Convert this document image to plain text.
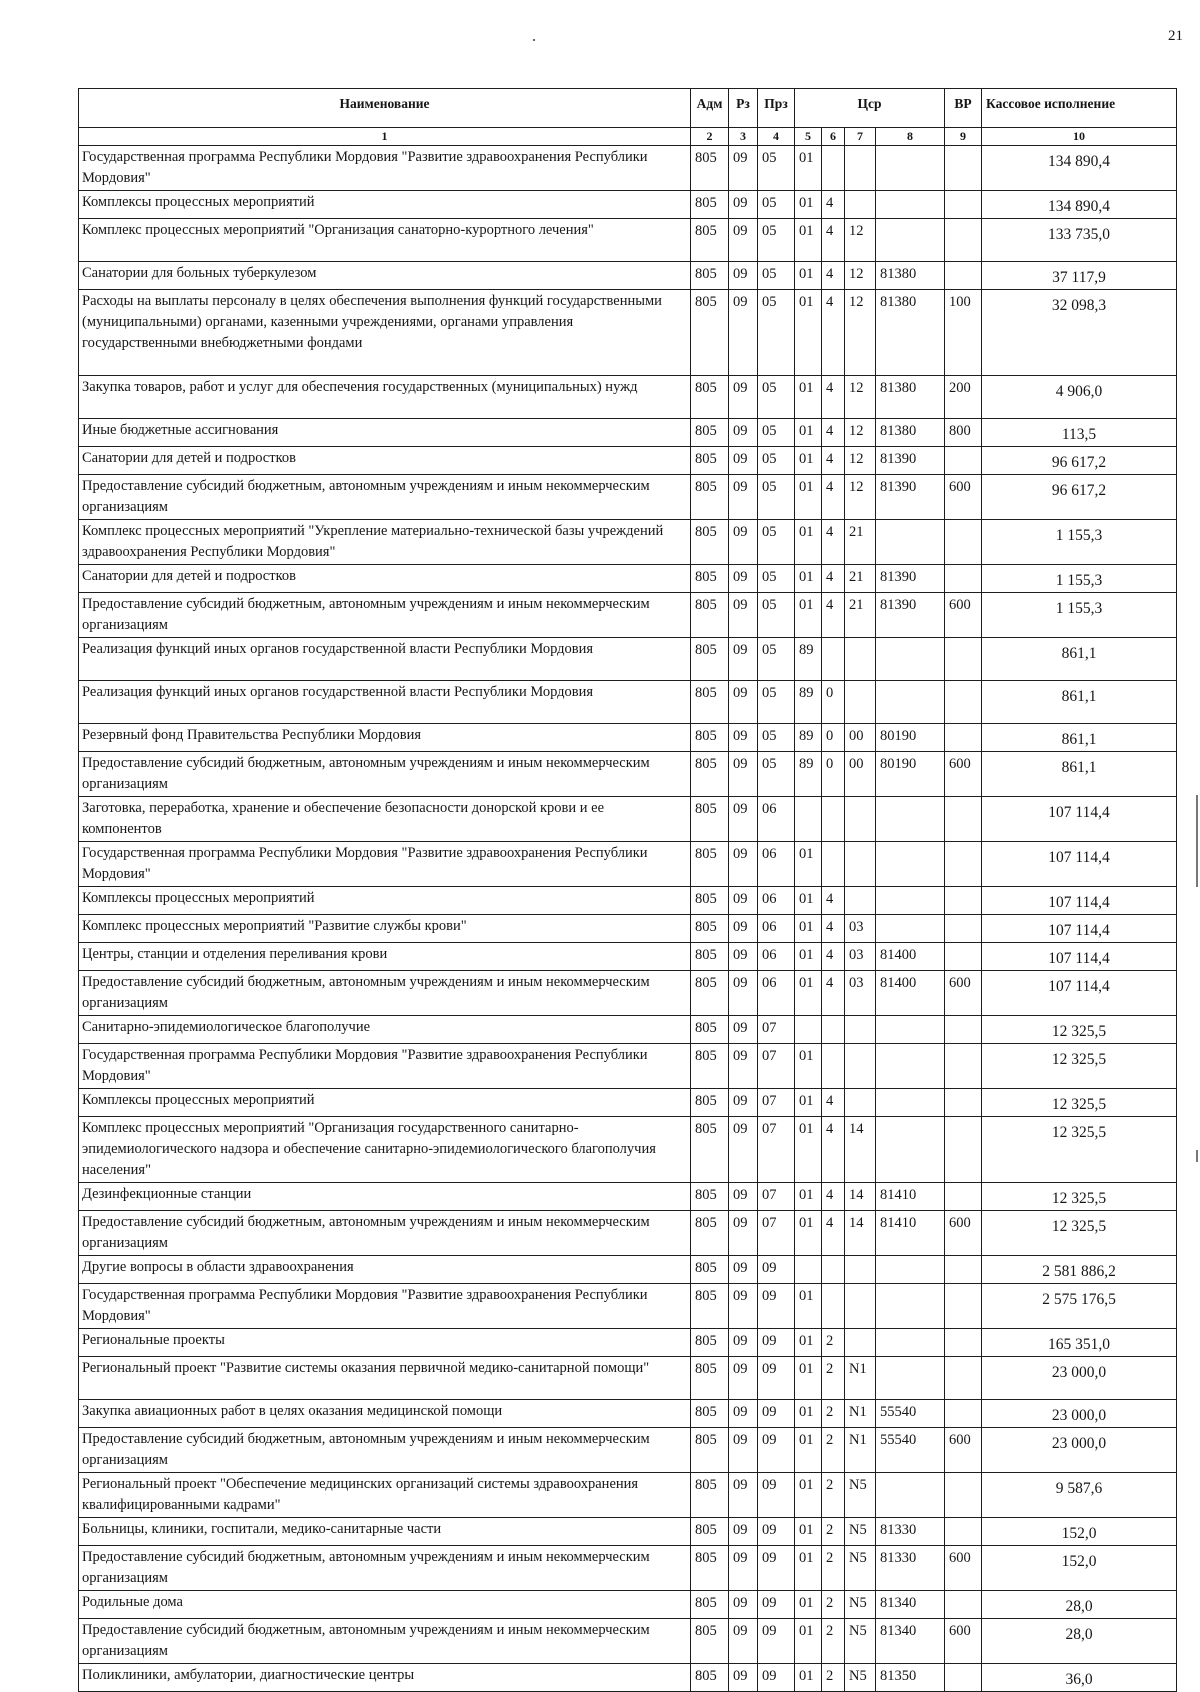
21
Наименование	Адм	Рз	Прз	Цср				ВР	Кассовое исполнение
1	2	3	4	5	6	7	8	9	10
Государственная программа Республики Мордовия "Развитие здравоохранения Республики Мордовия"	805	09	05	01					134 890,4
Комплексы процессных мероприятий	805	09	05	01	4				134 890,4
Комплекс процессных мероприятий "Организация санаторно-курортного лечения"	805	09	05	01	4	12			133 735,0
Санатории для больных туберкулезом	805	09	05	01	4	12	81380		37 117,9
Расходы на выплаты персоналу в целях обеспечения выполнения функций государственными (муниципальными) органами, казенными учреждениями, органами управления государственными внебюджетными фондами	805	09	05	01	4	12	81380	100	32 098,3
Закупка товаров, работ и услуг для обеспечения государственных (муниципальных) нужд	805	09	05	01	4	12	81380	200	4 906,0
Иные бюджетные ассигнования	805	09	05	01	4	12	81380	800	113,5
Санатории для детей и подростков	805	09	05	01	4	12	81390		96 617,2
Предоставление субсидий бюджетным, автономным учреждениям и иным некоммерческим организациям	805	09	05	01	4	12	81390	600	96 617,2
Комплекс процессных мероприятий "Укрепление материально-технической базы учреждений здравоохранения Республики Мордовия"	805	09	05	01	4	21			1 155,3
Санатории для детей и подростков	805	09	05	01	4	21	81390		1 155,3
Предоставление субсидий бюджетным, автономным учреждениям и иным некоммерческим организациям	805	09	05	01	4	21	81390	600	1 155,3
Реализация функций иных органов государственной власти Республики Мордовия	805	09	05	89					861,1
Реализация функций иных органов государственной власти Республики Мордовия	805	09	05	89	0				861,1
Резервный фонд Правительства Республики Мордовия	805	09	05	89	0	00	80190		861,1
Предоставление субсидий бюджетным, автономным учреждениям и иным некоммерческим организациям	805	09	05	89	0	00	80190	600	861,1
Заготовка, переработка, хранение и обеспечение безопасности донорской крови и ее компонентов	805	09	06						107 114,4
Государственная программа Республики Мордовия "Развитие здравоохранения Республики Мордовия"	805	09	06	01					107 114,4
Комплексы процессных мероприятий	805	09	06	01	4				107 114,4
Комплекс процессных мероприятий "Развитие службы крови"	805	09	06	01	4	03			107 114,4
Центры, станции и отделения переливания крови	805	09	06	01	4	03	81400		107 114,4
Предоставление субсидий бюджетным, автономным учреждениям и иным некоммерческим организациям	805	09	06	01	4	03	81400	600	107 114,4
Санитарно-эпидемиологическое благополучие	805	09	07						12 325,5
Государственная программа Республики Мордовия "Развитие здравоохранения Республики Мордовия"	805	09	07	01					12 325,5
Комплексы процессных мероприятий	805	09	07	01	4				12 325,5
Комплекс процессных мероприятий "Организация государственного санитарно-эпидемиологического надзора и обеспечение санитарно-эпидемиологического благополучия населения"	805	09	07	01	4	14			12 325,5
Дезинфекционные станции	805	09	07	01	4	14	81410		12 325,5
Предоставление субсидий бюджетным, автономным учреждениям и иным некоммерческим организациям	805	09	07	01	4	14	81410	600	12 325,5
Другие вопросы в области здравоохранения	805	09	09						2 581 886,2
Государственная программа Республики Мордовия "Развитие здравоохранения Республики Мордовия"	805	09	09	01					2 575 176,5
Региональные проекты	805	09	09	01	2				165 351,0
Региональный проект "Развитие системы оказания первичной медико-санитарной помощи"	805	09	09	01	2	N1			23 000,0
Закупка авиационных работ в целях оказания медицинской помощи	805	09	09	01	2	N1	55540		23 000,0
Предоставление субсидий бюджетным, автономным учреждениям и иным некоммерческим организациям	805	09	09	01	2	N1	55540	600	23 000,0
Региональный проект "Обеспечение медицинских организаций системы здравоохранения квалифицированными кадрами"	805	09	09	01	2	N5			9 587,6
Больницы, клиники, госпитали, медико-санитарные части	805	09	09	01	2	N5	81330		152,0
Предоставление субсидий бюджетным, автономным учреждениям и иным некоммерческим организациям	805	09	09	01	2	N5	81330	600	152,0
Родильные дома	805	09	09	01	2	N5	81340		28,0
Предоставление субсидий бюджетным, автономным учреждениям и иным некоммерческим организациям	805	09	09	01	2	N5	81340	600	28,0
Поликлиники, амбулатории, диагностические центры	805	09	09	01	2	N5	81350		36,0
